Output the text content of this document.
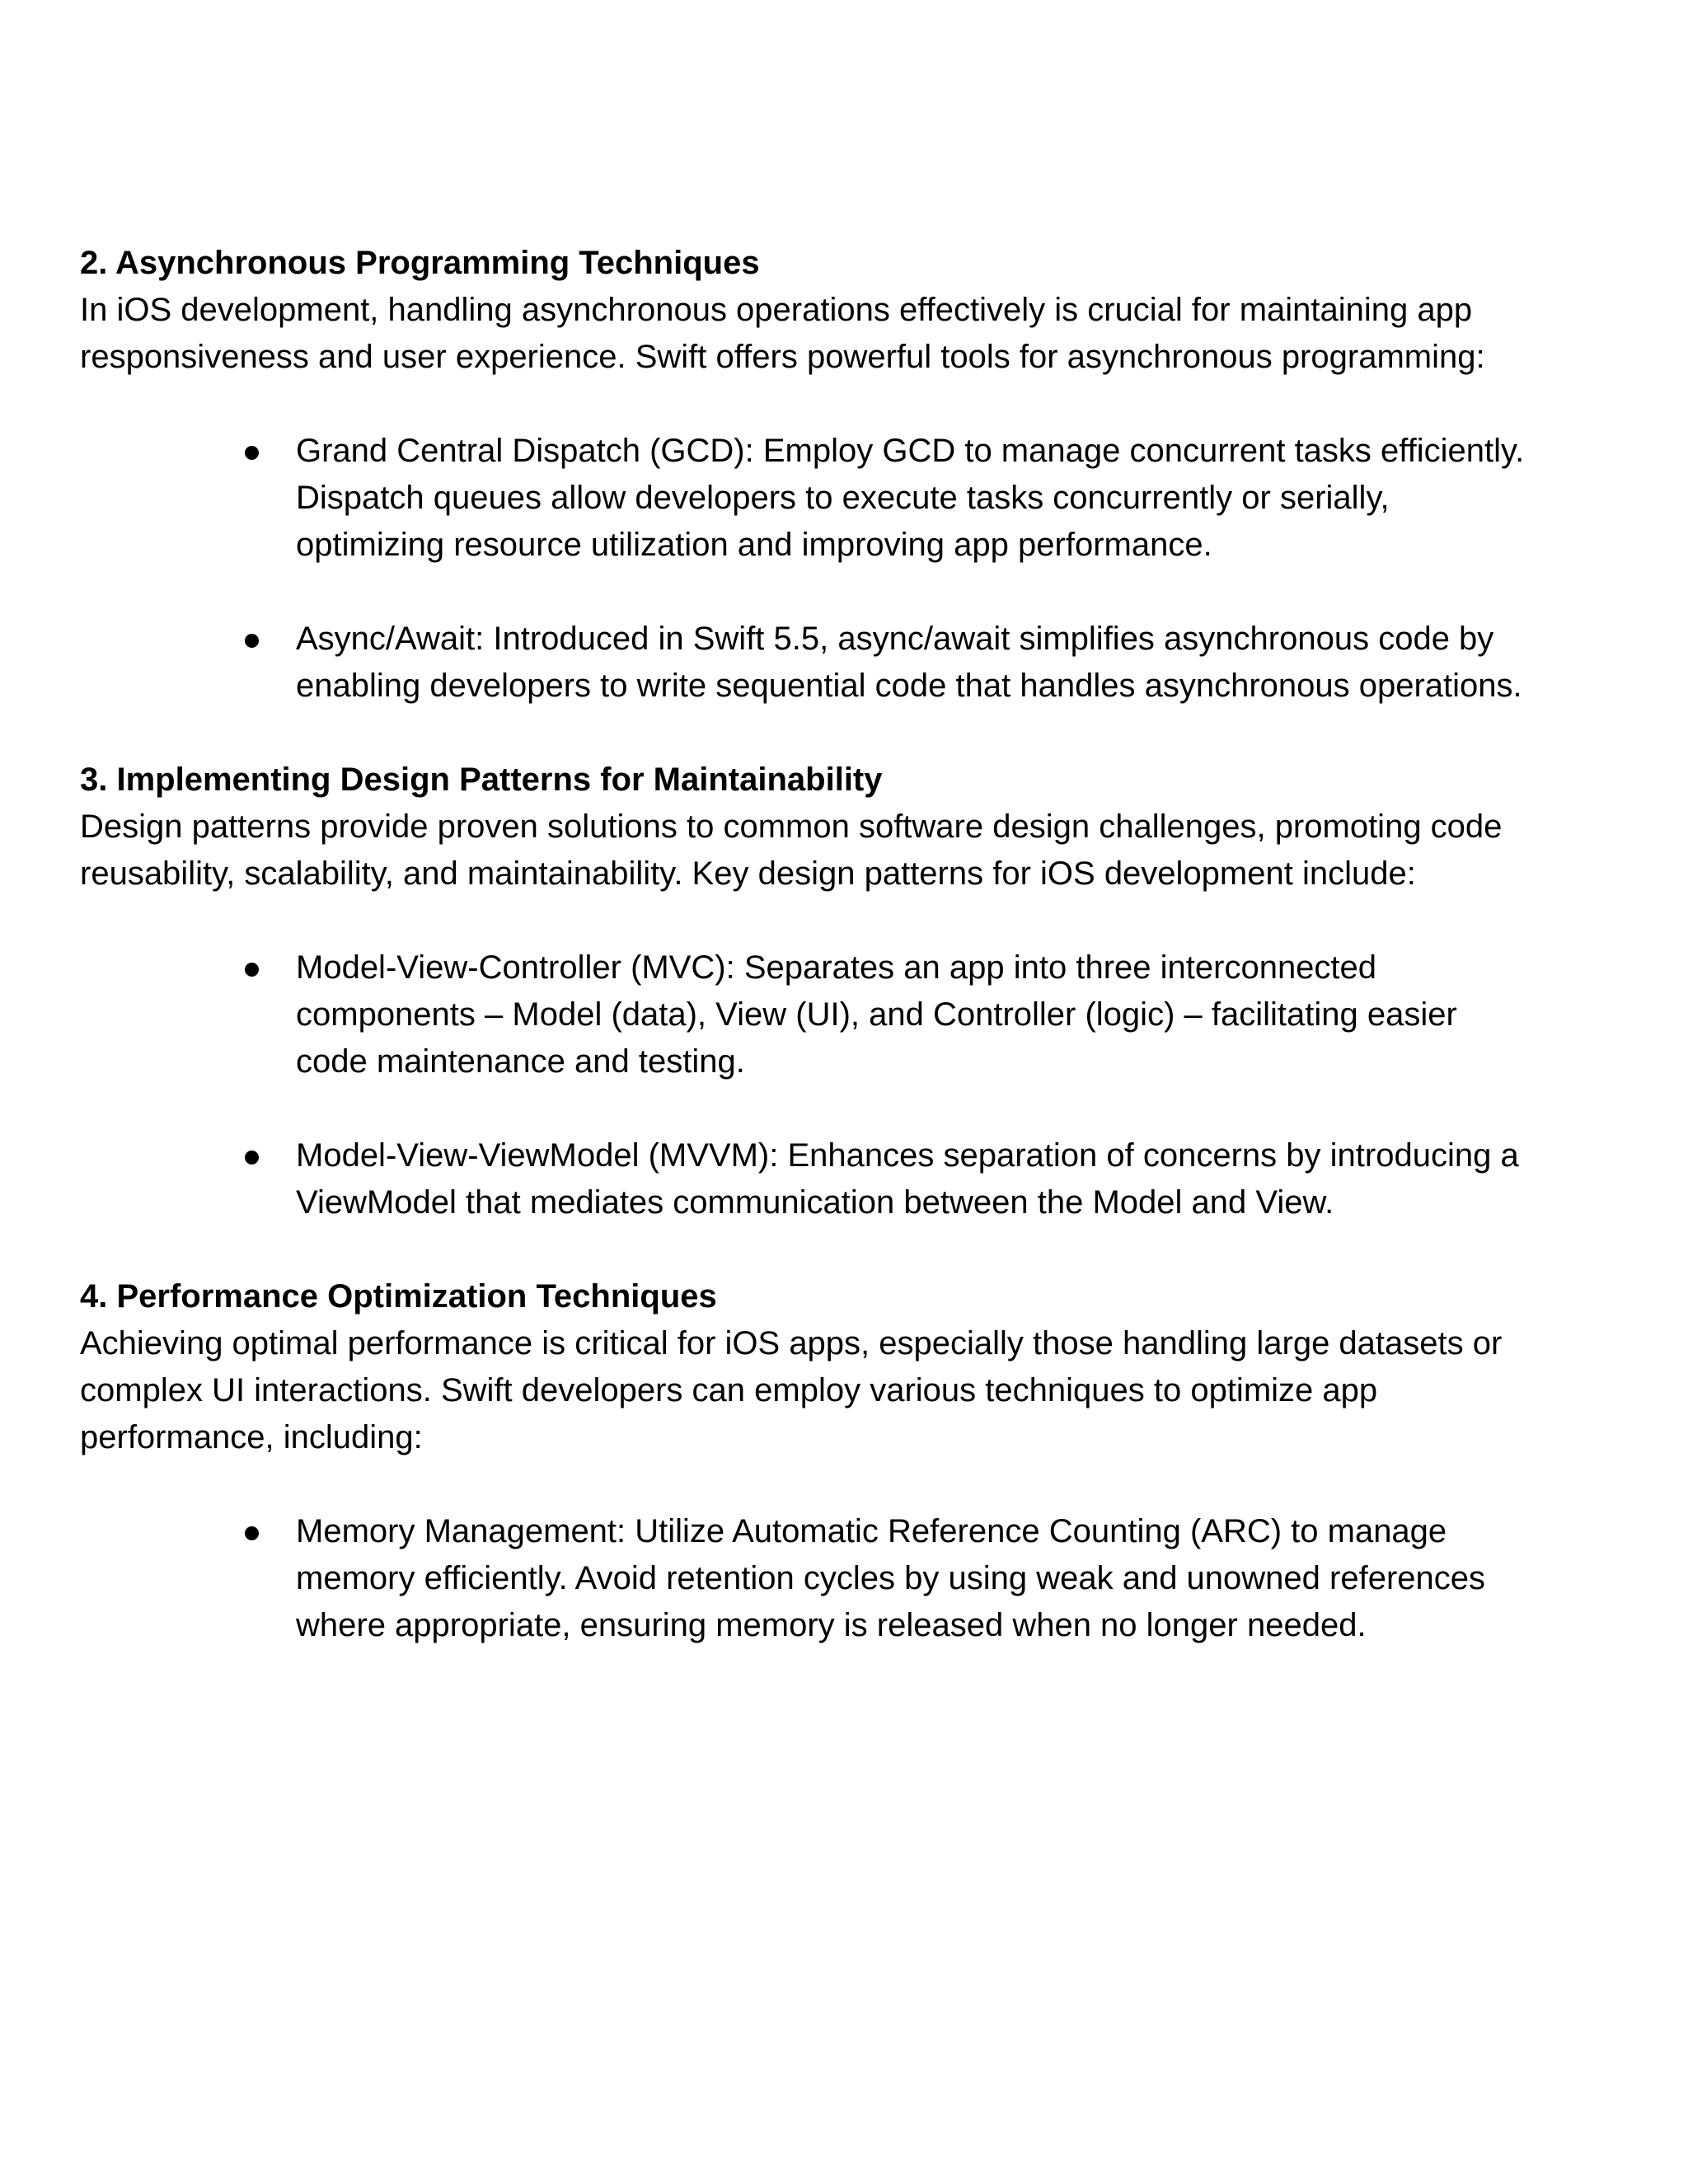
2. Asynchronous Programming Techniques

In iOS development, handling asynchronous operations effectively is crucial for maintaining app responsiveness and user experience. Swift offers powerful tools for asynchronous programming:

Grand Central Dispatch (GCD): Employ GCD to manage concurrent tasks efficiently. Dispatch queues allow developers to execute tasks concurrently or serially, optimizing resource utilization and improving app performance.
Async/Await: Introduced in Swift 5.5, async/await simplifies asynchronous code by enabling developers to write sequential code that handles asynchronous operations.

3. Implementing Design Patterns for Maintainability

Design patterns provide proven solutions to common software design challenges, promoting code reusability, scalability, and maintainability. Key design patterns for iOS development include:

Model-View-Controller (MVC): Separates an app into three interconnected components – Model (data), View (UI), and Controller (logic) – facilitating easier code maintenance and testing.
Model-View-ViewModel (MVVM): Enhances separation of concerns by introducing a ViewModel that mediates communication between the Model and View.

4. Performance Optimization Techniques

Achieving optimal performance is critical for iOS apps, especially those handling large datasets or complex UI interactions. Swift developers can employ various techniques to optimize app performance, including:

Memory Management: Utilize Automatic Reference Counting (ARC) to manage memory efficiently. Avoid retention cycles by using weak and unowned references where appropriate, ensuring memory is released when no longer needed.
